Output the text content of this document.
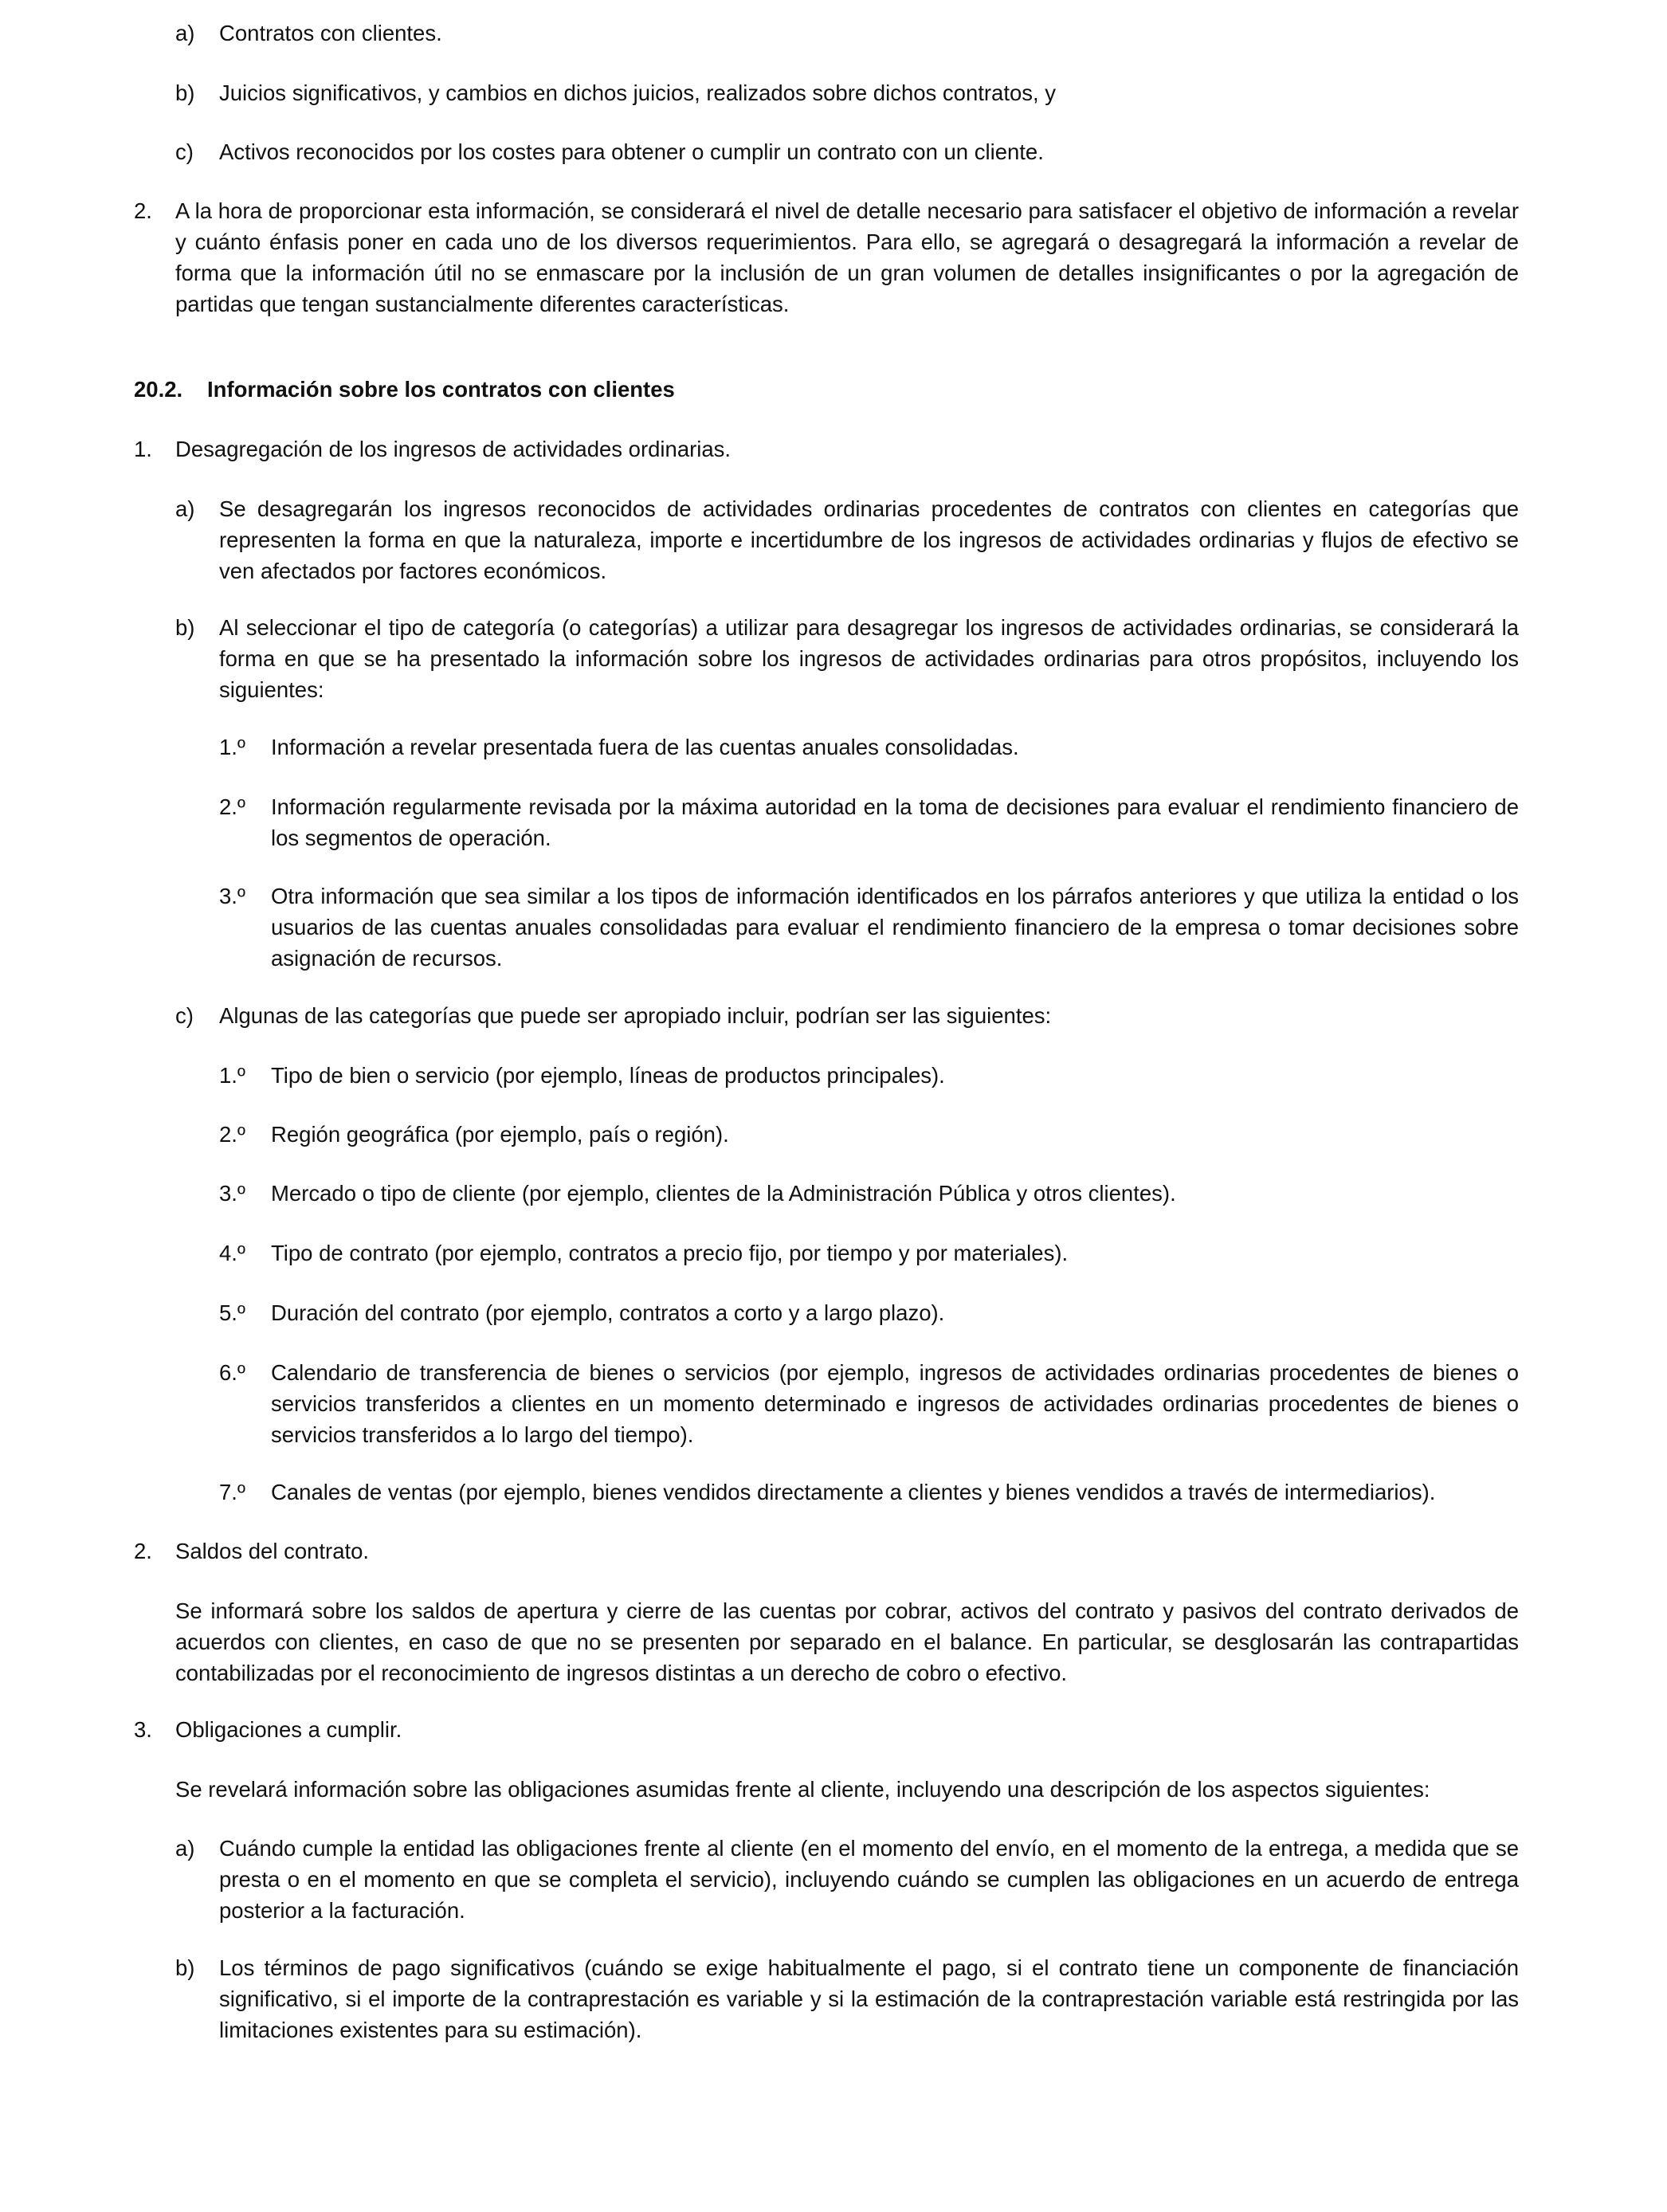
a)	Contratos con clientes.
b)	Juicios significativos, y cambios en dichos juicios, realizados sobre dichos contratos, y
c)	Activos reconocidos por los costes para obtener o cumplir un contrato con un cliente.
2.	A la hora de proporcionar esta información, se considerará el nivel de detalle necesario para satisfacer el objetivo de información a revelar y cuánto énfasis poner en cada uno de los diversos requerimientos. Para ello, se agregará o desagregará la información a revelar de forma que la información útil no se enmascare por la inclusión de un gran volumen de detalles insignificantes o por la agregación de partidas que tengan sustancialmente diferentes características.
20.2. Información sobre los contratos con clientes
1.	Desagregación de los ingresos de actividades ordinarias.
a)	Se desagregarán los ingresos reconocidos de actividades ordinarias procedentes de contratos con clientes en categorías que representen la forma en que la naturaleza, importe e incertidumbre de los ingresos de actividades ordinarias y flujos de efectivo se ven afectados por factores económicos.
b)	Al seleccionar el tipo de categoría (o categorías) a utilizar para desagregar los ingresos de actividades ordinarias, se considerará la forma en que se ha presentado la información sobre los ingresos de actividades ordinarias para otros propósitos, incluyendo los siguientes:
1.º	Información a revelar presentada fuera de las cuentas anuales consolidadas.
2.º	Información regularmente revisada por la máxima autoridad en la toma de decisiones para evaluar el rendimiento financiero de los segmentos de operación.
3.º	Otra información que sea similar a los tipos de información identificados en los párrafos anteriores y que utiliza la entidad o los usuarios de las cuentas anuales consolidadas para evaluar el rendimiento financiero de la empresa o tomar decisiones sobre asignación de recursos.
c)	Algunas de las categorías que puede ser apropiado incluir, podrían ser las siguientes:
1.º	Tipo de bien o servicio (por ejemplo, líneas de productos principales).
2.º	Región geográfica (por ejemplo, país o región).
3.º	Mercado o tipo de cliente (por ejemplo, clientes de la Administración Pública y otros clientes).
4.º	Tipo de contrato (por ejemplo, contratos a precio fijo, por tiempo y por materiales).
5.º	Duración del contrato (por ejemplo, contratos a corto y a largo plazo).
6.º	Calendario de transferencia de bienes o servicios (por ejemplo, ingresos de actividades ordinarias procedentes de bienes o servicios transferidos a clientes en un momento determinado e ingresos de actividades ordinarias procedentes de bienes o servicios transferidos a lo largo del tiempo).
7.º	Canales de ventas (por ejemplo, bienes vendidos directamente a clientes y bienes vendidos a través de intermediarios).
2.	Saldos del contrato.

Se informará sobre los saldos de apertura y cierre de las cuentas por cobrar, activos del contrato y pasivos del contrato derivados de acuerdos con clientes, en caso de que no se presenten por separado en el balance. En particular, se desglosarán las contrapartidas contabilizadas por el reconocimiento de ingresos distintas a un derecho de cobro o efectivo.

3.	Obligaciones a cumplir.

Se revelará información sobre las obligaciones asumidas frente al cliente, incluyendo una descripción de los aspectos siguientes:

a)	Cuándo cumple la entidad las obligaciones frente al cliente (en el momento del envío, en el momento de la entrega, a medida que se presta o en el momento en que se completa el servicio), incluyendo cuándo se cumplen las obligaciones en un acuerdo de entrega posterior a la facturación.
b)	Los términos de pago significativos (cuándo se exige habitualmente el pago, si el contrato tiene un componente de financiación significativo, si el importe de la contraprestación es variable y si la estimación de la contraprestación variable está restringida por las limitaciones existentes para su estimación).
